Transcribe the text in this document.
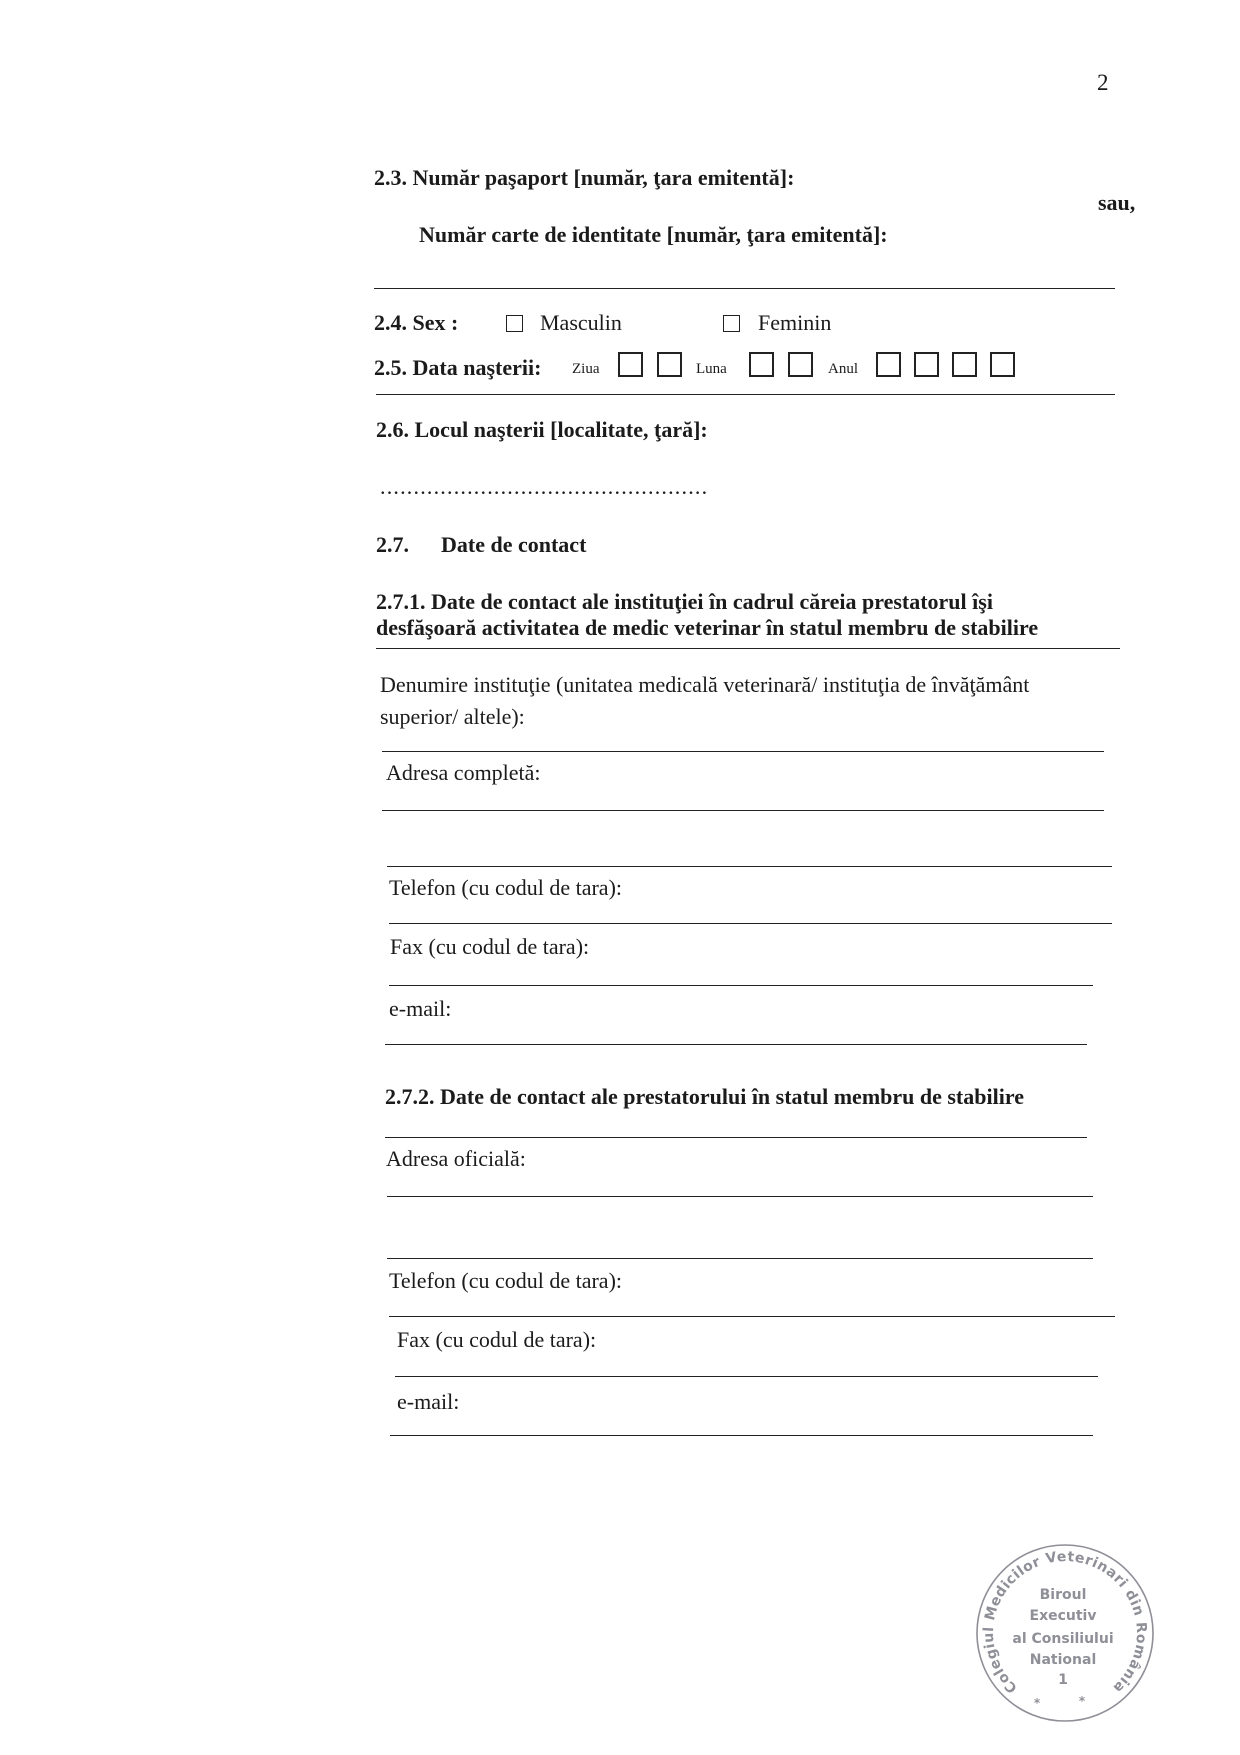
2
2.3. Număr paşaport [număr, ţara emitentă]:
sau,
Număr carte de identitate [număr, ţara emitentă]:
2.4. Sex :	Masculin	Feminin
2.5. Data naşterii: Ziua	Luna	Anul
2.6. Locul naşterii [localitate, ţară]:
.................................................
2.7. Date de contact
2.7.1. Date de contact ale instituţiei în cadrul căreia prestatorul îşi
desfăşoară activitatea de medic veterinar în statul membru de stabilire
Denumire instituţie (unitatea medicală veterinară/ instituţia de învăţământ
superior/ altele):
Adresa completă:
Telefon (cu codul de tara):
Fax (cu codul de tara):
e-mail:
2.7.2. Date de contact ale prestatorului în statul membru de stabilire
Adresa oficială:
Telefon (cu codul de tara):
Fax (cu codul de tara):
e-mail:
Colegiul Medicilor Veterinari din România
Biroul
Executiv
al Consiliului
National
1
*	*
